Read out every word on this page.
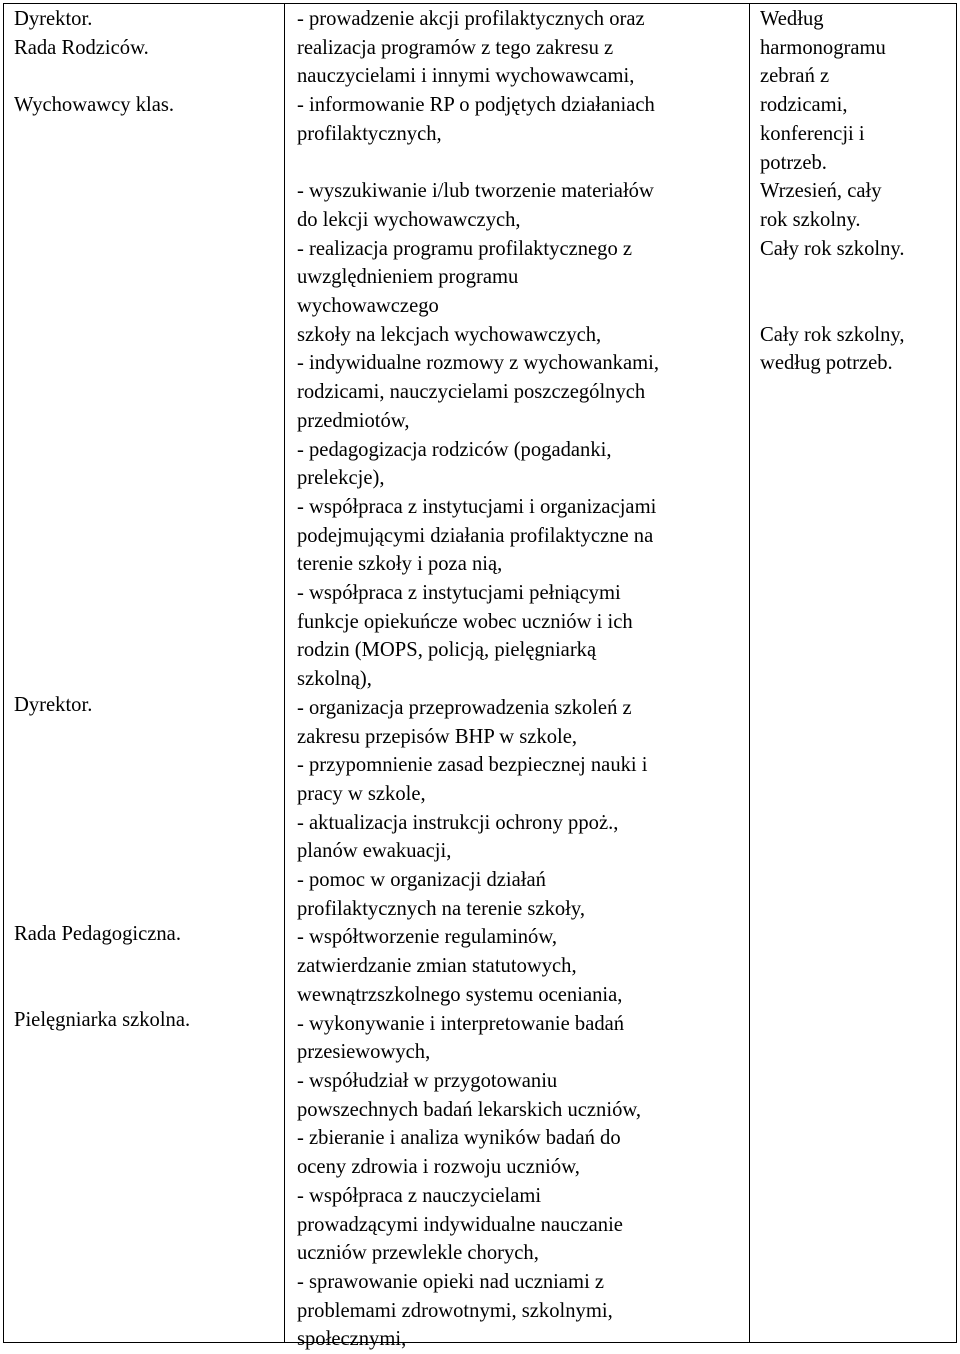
Dyrektor.
Rada Rodziców.
Wychowawcy klas.
Dyrektor.
Rada Pedagogiczna.
Pielęgniarka szkolna.
- prowadzenie akcji profilaktycznych oraz
realizacja programów z tego zakresu z
nauczycielami i innymi wychowawcami,
- informowanie RP o podjętych działaniach
profilaktycznych,
- wyszukiwanie i/lub tworzenie materiałów
do lekcji wychowawczych,
- realizacja programu profilaktycznego z
uwzględnieniem programu
wychowawczego
szkoły na lekcjach wychowawczych,
- indywidualne rozmowy z wychowankami,
rodzicami, nauczycielami poszczególnych
przedmiotów,
- pedagogizacja rodziców (pogadanki,
prelekcje),
- współpraca z instytucjami i organizacjami
podejmującymi działania profilaktyczne na
terenie szkoły i poza nią,
- współpraca z instytucjami pełniącymi
funkcje opiekuńcze wobec uczniów i ich
rodzin (MOPS, policją, pielęgniarką
szkolną),
- organizacja przeprowadzenia szkoleń z
zakresu przepisów BHP w szkole,
- przypomnienie zasad bezpiecznej nauki i
pracy w szkole,
- aktualizacja instrukcji ochrony ppoż.,
planów ewakuacji,
- pomoc w organizacji działań
profilaktycznych na terenie szkoły,
- współtworzenie regulaminów,
zatwierdzanie zmian statutowych,
wewnątrzszkolnego systemu oceniania,
- wykonywanie i interpretowanie badań
przesiewowych,
- współudział w przygotowaniu
powszechnych badań lekarskich uczniów,
- zbieranie i analiza wyników badań do
oceny zdrowia i rozwoju uczniów,
- współpraca z nauczycielami
prowadzącymi indywidualne nauczanie
uczniów przewlekle chorych,
- sprawowanie opieki nad uczniami z
problemami zdrowotnymi, szkolnymi,
społecznymi,
Według
harmonogramu
zebrań z
rodzicami,
konferencji i
potrzeb.
Wrzesień, cały
rok szkolny.
Cały rok szkolny.
Cały rok szkolny,
według potrzeb.
